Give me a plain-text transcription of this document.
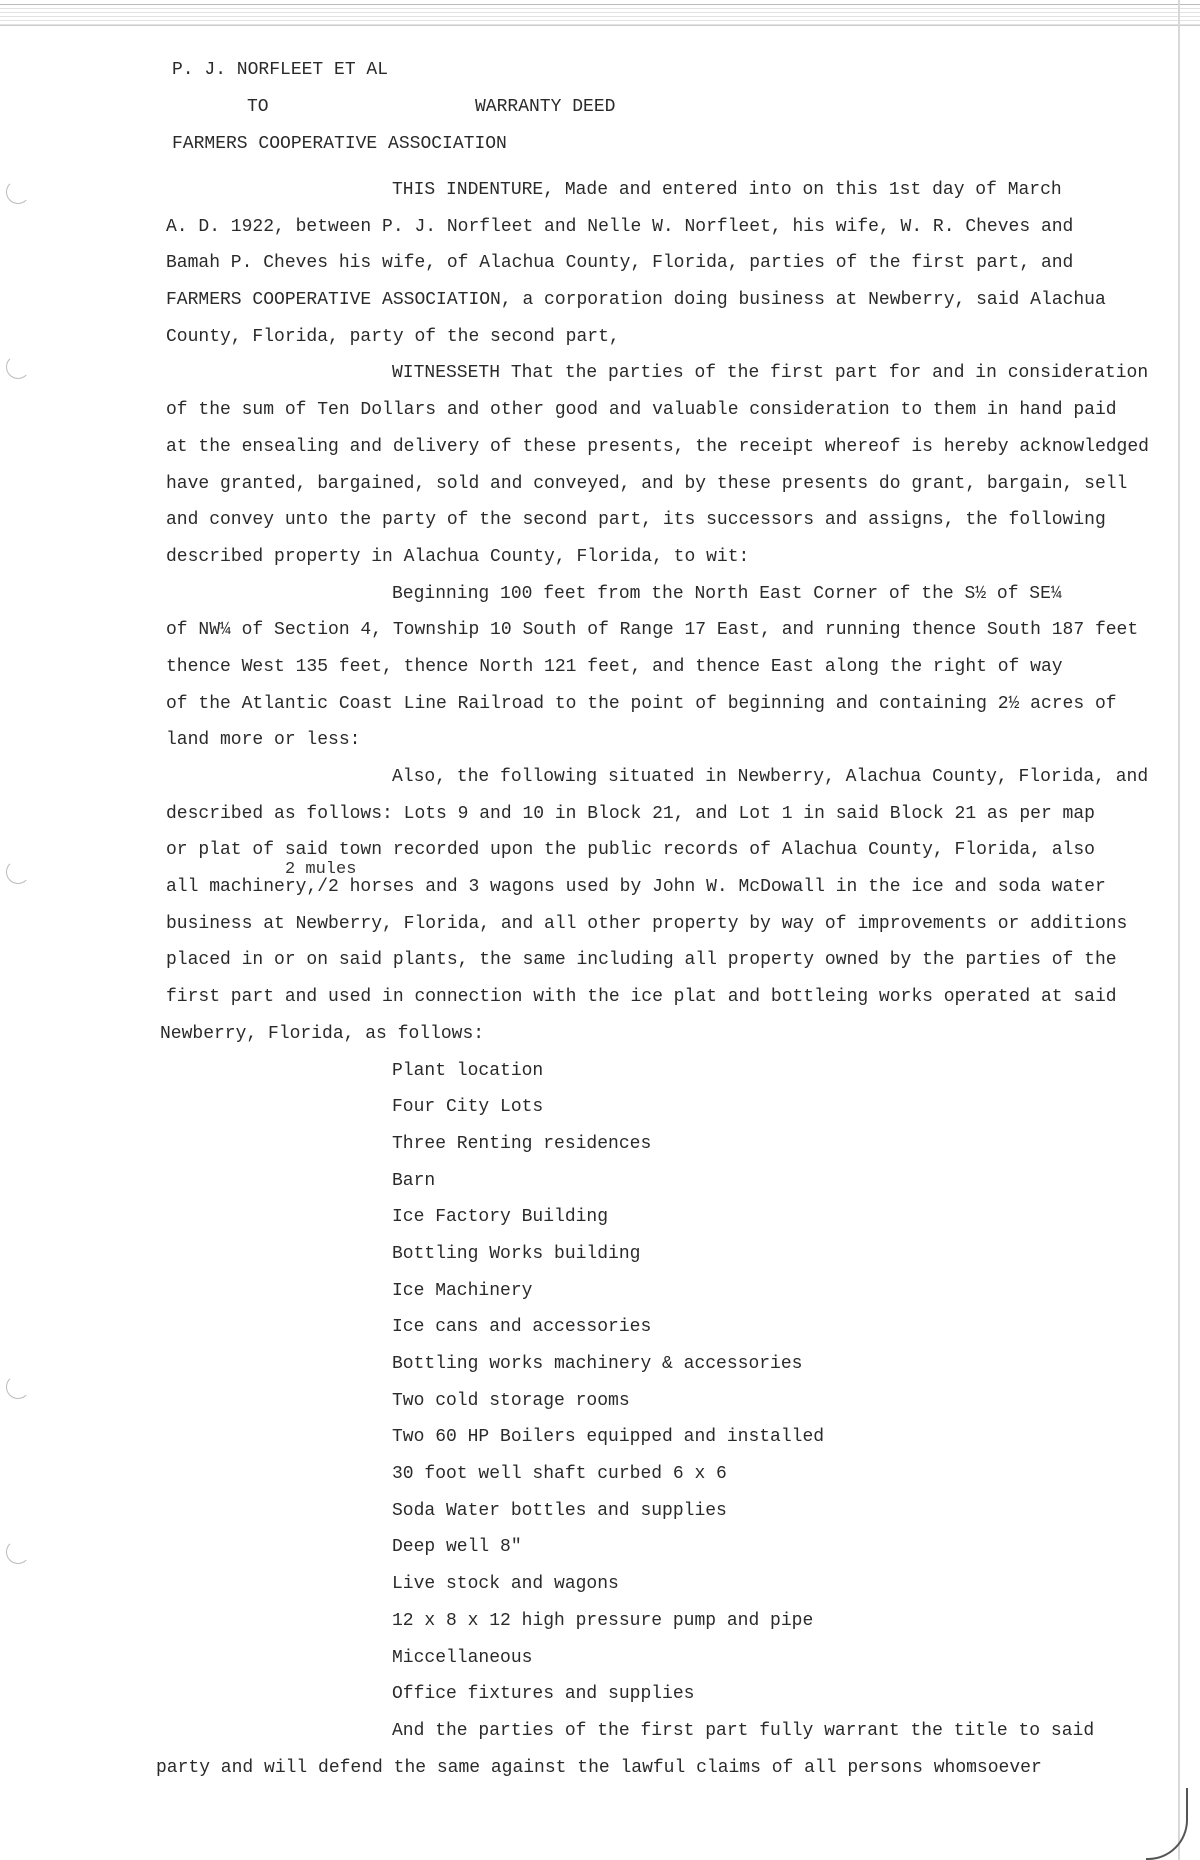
P. J. NORFLEET ET AL
TO	WARRANTY DEED
FARMERS COOPERATIVE ASSOCIATION
THIS INDENTURE, Made and entered into on this 1st day of March
A. D. 1922, between P. J. Norfleet and Nelle W. Norfleet, his wife, W. R. Cheves and
Bamah P. Cheves his wife, of Alachua County, Florida, parties of the first part, and
FARMERS COOPERATIVE ASSOCIATION, a corporation doing business at Newberry, said Alachua
County, Florida, party of the second part,
WITNESSETH That the parties of the first part for and in consideration
of the sum of Ten Dollars and other good and valuable consideration to them in hand paid
at the ensealing and delivery of these presents, the receipt whereof is hereby acknowledged
have granted, bargained, sold and conveyed, and by these presents do grant, bargain, sell
and convey unto the party of the second part, its successors and assigns, the following
described property in Alachua County, Florida, to wit:
Beginning 100 feet from the North East Corner of the S½ of SE¼
of NW¼ of Section 4, Township 10 South of Range 17 East, and running thence South 187 feet
thence West 135 feet, thence North 121 feet, and thence East along the right of way
of the Atlantic Coast Line Railroad to the point of beginning and containing 2½ acres of
land more or less:
Also, the following situated in Newberry, Alachua County, Florida, and
described as follows: Lots 9 and 10 in Block 21, and Lot 1 in said Block 21 as per map
or plat of said town recorded upon the public records of Alachua County, Florida, also
2 mules
all machinery,/2 horses and 3 wagons used by John W. McDowall in the ice and soda water
business at Newberry, Florida, and all other property by way of improvements or additions
placed in or on said plants, the same including all property owned by the parties of the
first part and used in connection with the ice plat and bottleing works operated at said
Newberry, Florida, as follows:
Plant location
Four City Lots
Three Renting residences
Barn
Ice Factory Building
Bottling Works building
Ice Machinery
Ice cans and accessories
Bottling works machinery & accessories
Two cold storage rooms
Two 60 HP Boilers equipped and installed
30 foot well shaft curbed 6 x 6
Soda Water bottles and supplies
Deep well 8"
Live stock and wagons
12 x 8 x 12 high pressure pump and pipe
Miccellaneous
Office fixtures and supplies
And the parties of the first part fully warrant the title to said
party and will defend the same against the lawful claims of all persons whomsoever
